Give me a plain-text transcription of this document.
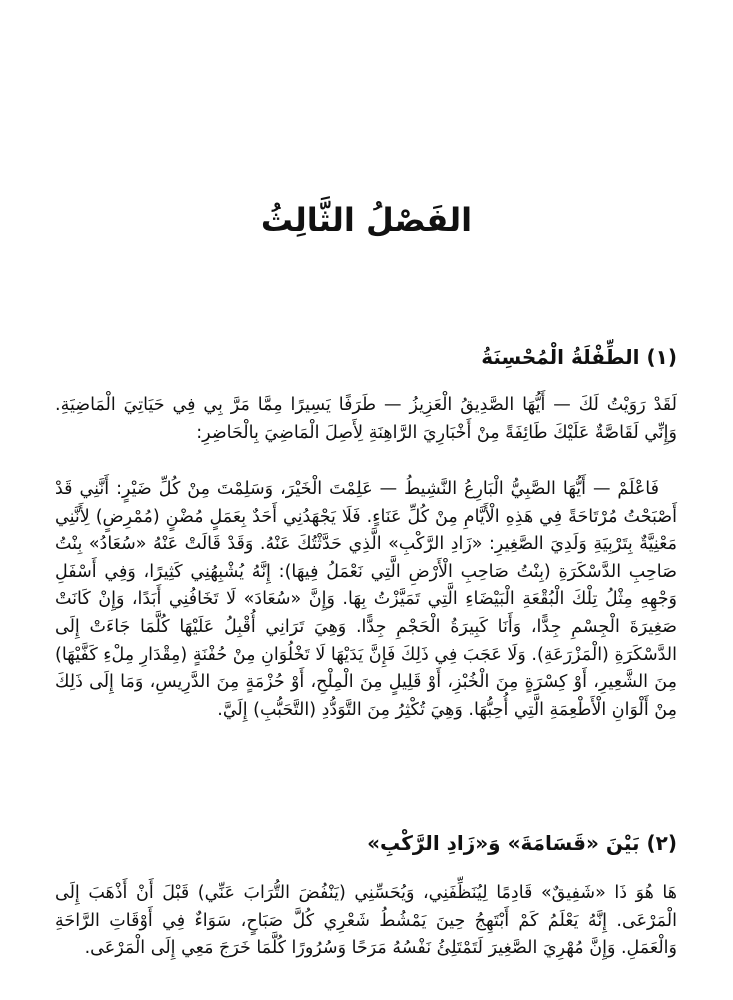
الفَصْلُ الثَّالِثُ
(١) الطِّفْلَةُ الْمُحْسِنَةُ

لَقَدْ رَوَيْتُ لَكَ — أَيُّهَا الصَّدِيقُ الْعَزِيزُ — طَرَفًا يَسِيرًا مِمَّا مَرَّ بِي فِي حَيَاتِيَ الْمَاضِيَةِ. وَإِنِّي لَقَاصَّةٌ عَلَيْكَ طَائِفَةً مِنْ أَخْبَارِيَ الرَّاهِنَةِ لِأَصِلَ الْمَاضِيَ بِالْحَاضِرِ:

فَاعْلَمْ — أَيُّهَا الصَّبِيُّ الْبَارِعُ النَّشِيطُ — عَلِمْتَ الْخَيْرَ، وَسَلِمْتَ مِنْ كُلِّ ضَيْرٍ: أَنَّنِي قَدْ أَصْبَحْتُ مُرْتَاحَةً فِي هَذِهِ الْأَيَّامِ مِنْ كُلِّ عَنَاءٍ. فَلَا يَجْهَدُنِي أَحَدٌ بِعَمَلٍ مُضْنٍ (مُمْرِضٍ) لِأَنَّنِي مَعْنِيَّةٌ بِتَرْبِيَةِ وَلَدِيَ الصَّغِيرِ: «زَادِ الرَّكْبِ» الَّذِي حَدَّثْتُكَ عَنْهُ. وَقَدْ قَالَتْ عَنْهُ «سُعَادُ» بِنْتُ صَاحِبِ الدَّسْكَرَةِ (بِنْتُ صَاحِبِ الْأَرْضِ الَّتِي نَعْمَلُ فِيهَا): إِنَّهُ يُشْبِهُنِي كَثِيرًا، وَفِي أَسْفَلِ وَجْهِهِ مِثْلُ تِلْكَ الْبُقْعَةِ الْبَيْضَاءِ الَّتِي تَمَيَّزْتُ بِهَا. وَإِنَّ «سُعَادَ» لَا تَخَافُنِي أَبَدًا، وَإِنْ كَانَتْ صَغِيرَةَ الْجِسْمِ جِدًّا، وَأَنَا كَبِيرَةُ الْحَجْمِ جِدًّا. وَهِيَ تَرَانِي أُقْبِلُ عَلَيْهَا كُلَّمَا جَاءَتْ إِلَى الدَّسْكَرَةِ (الْمَزْرَعَةِ). وَلَا عَجَبَ فِي ذَلِكَ فَإِنَّ يَدَيْهَا لَا تَخْلُوَانِ مِنْ حُفْنَةٍ (مِقْدَارِ مِلْءِ كَفَّيْهَا) مِنَ الشَّعِيرِ، أَوْ كِسْرَةٍ مِنَ الْخُبْزِ، أَوْ قَلِيلٍ مِنَ الْمِلْحِ، أَوْ حُزْمَةٍ مِنَ الدَّرِيسِ، وَمَا إِلَى ذَلِكَ مِنْ أَلْوَانِ الْأَطْعِمَةِ الَّتِي أُحِبُّهَا. وَهِيَ تُكْثِرُ مِنَ التَّوَدُّدِ (التَّحَبُّبِ) إِلَيَّ.

(٢) بَيْنَ «قَسَامَةَ» وَ«زَادِ الرَّكْبِ»

هَا هُوَ ذَا «شَفِيقٌ» قَادِمًا لِيُنَظِّفَنِي، وَيُحَسِّنِي (يَنْفُضَ التُّرَابَ عَنِّي) قَبْلَ أَنْ أَذْهَبَ إِلَى الْمَرْعَى. إِنَّهُ يَعْلَمُ كَمْ أَبْتَهِجُ حِينَ يَمْشُطُ شَعْرِي كُلَّ صَبَاحٍ، سَوَاءٌ فِي أَوْقَاتِ الرَّاحَةِ وَالْعَمَلِ. وَإِنَّ مُهْرِيَ الصَّغِيرَ لَتَمْتَلِئُ نَفْسُهُ مَرَحًا وَسُرُورًا كُلَّمَا خَرَجَ مَعِي إِلَى الْمَرْعَى.
